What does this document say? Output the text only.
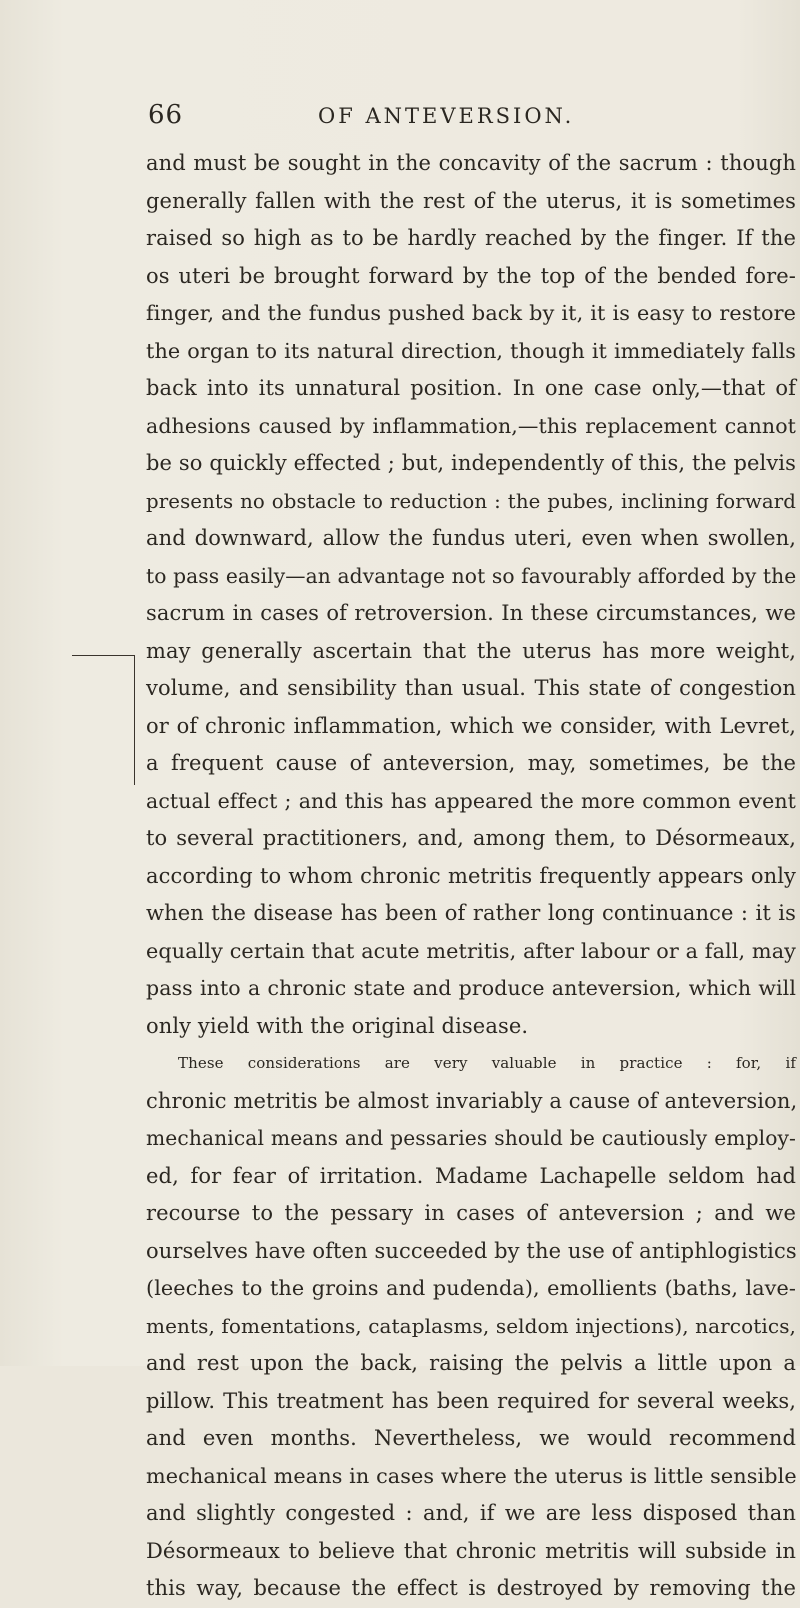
66	OF ANTEVERSION.
and must be sought in the concavity of the sacrum : though
generally fallen with the rest of the uterus, it is sometimes
raised so high as to be hardly reached by the finger. If the
os uteri be brought forward by the top of the bended fore-
finger, and the fundus pushed back by it, it is easy to restore
the organ to its natural direction, though it immediately falls
back into its unnatural position. In one case only,—that of
adhesions caused by inflammation,—this replacement cannot
be so quickly effected ; but, independently of this, the pelvis
presents no obstacle to reduction : the pubes, inclining forward
and downward, allow the fundus uteri, even when swollen,
to pass easily—an advantage not so favourably afforded by the
sacrum in cases of retroversion. In these circumstances, we
may generally ascertain that the uterus has more weight,
volume, and sensibility than usual. This state of congestion
or of chronic inflammation, which we consider, with Levret,
a frequent cause of anteversion, may, sometimes, be the
actual effect ; and this has appeared the more common event
to several practitioners, and, among them, to Désormeaux,
according to whom chronic metritis frequently appears only
when the disease has been of rather long continuance : it is
equally certain that acute metritis, after labour or a fall, may
pass into a chronic state and produce anteversion, which will
only yield with the original disease.
These considerations are very valuable in practice : for, if
chronic metritis be almost invariably a cause of anteversion,
mechanical means and pessaries should be cautiously employ-
ed, for fear of irritation. Madame Lachapelle seldom had
recourse to the pessary in cases of anteversion ; and we
ourselves have often succeeded by the use of antiphlogistics
(leeches to the groins and pudenda), emollients (baths, lave-
ments, fomentations, cataplasms, seldom injections), narcotics,
and rest upon the back, raising the pelvis a little upon a
pillow. This treatment has been required for several weeks,
and even months. Nevertheless, we would recommend
mechanical means in cases where the uterus is little sensible
and slightly congested : and, if we are less disposed than
Désormeaux to believe that chronic metritis will subside in
this way, because the effect is destroyed by removing the
